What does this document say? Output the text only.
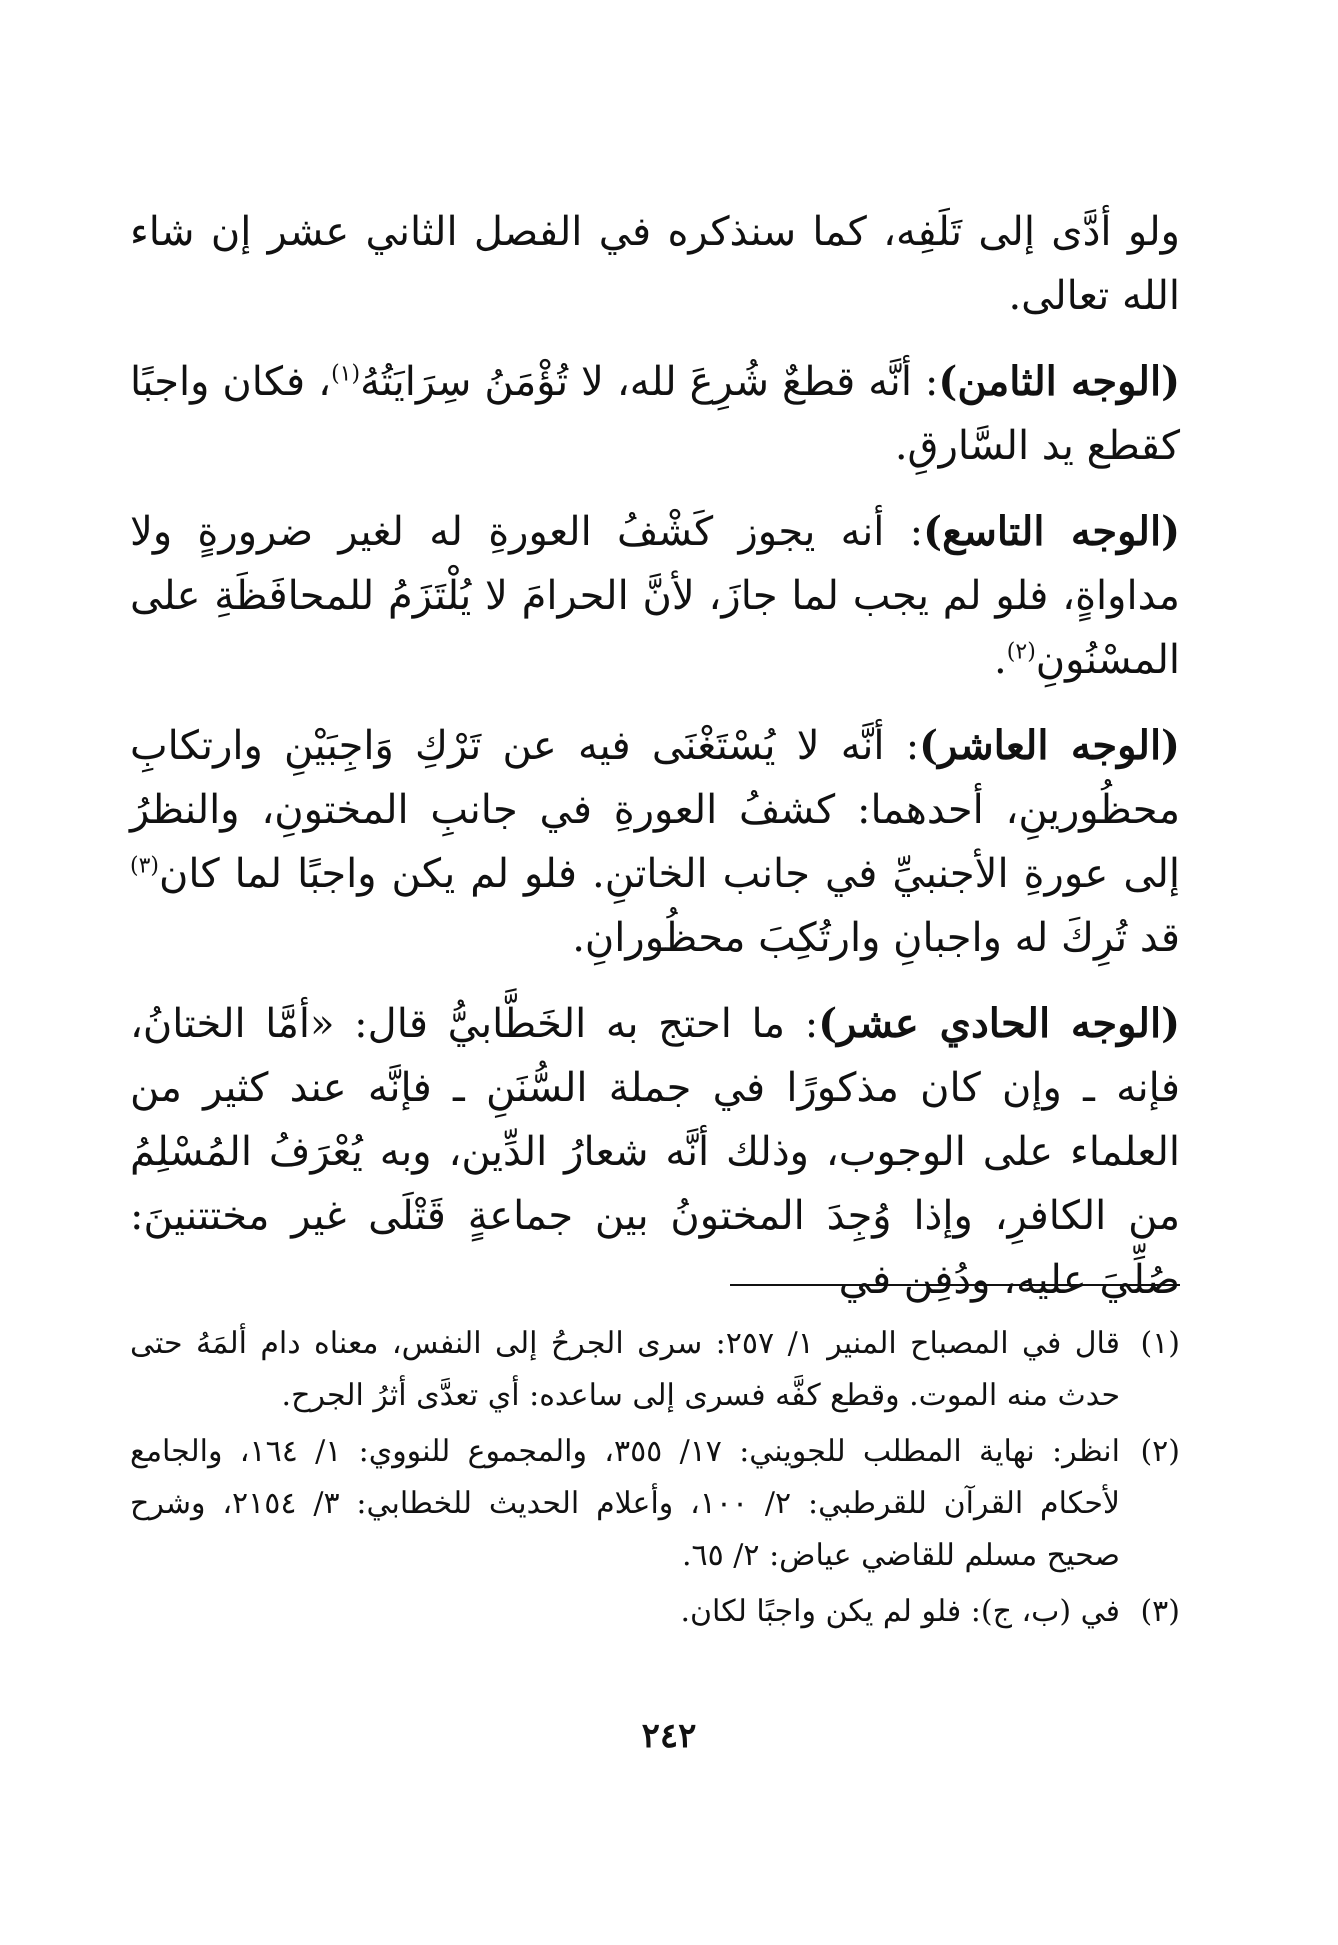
ولو أدَّى إلى تَلَفِه، كما سنذكره في الفصل الثاني عشر إن شاء الله تعالى.

(الوجه الثامن): أنَّه قطعٌ شُرِعَ لله، لا تُؤْمَنُ سِرَايَتُهُ$^{(١)}$، فكان واجبًا كقطع يد السَّارقِ.

(الوجه التاسع): أنه يجوز كَشْفُ العورةِ له لغير ضرورةٍ ولا مداواةٍ، فلو لم يجب لما جازَ، لأنَّ الحرامَ لا يُلْتَزَمُ للمحافَظَةِ على المسْنُونِ$^{(٢)}$.

(الوجه العاشر): أنَّه لا يُسْتَغْنَى فيه عن تَرْكِ وَاجِبَيْنِ وارتكابِ محظُورينِ، أحدهما: كشفُ العورةِ في جانبِ المختونِ، والنظرُ إلى عورةِ الأجنبيِّ في جانب الخاتنِ. فلو لم يكن واجبًا لما كان$^{(٣)}$ قد تُرِكَ له واجبانِ وارتُكِبَ محظُورانِ.

(الوجه الحادي عشر): ما احتج به الخَطَّابيُّ قال: «أمَّا الختانُ، فإنه ـ وإن كان مذكورًا في جملة السُّنَنِ ـ فإنَّه عند كثير من العلماء على الوجوب، وذلك أنَّه شعارُ الدِّين، وبه يُعْرَفُ المُسْلِمُ من الكافرِ، وإذا وُجِدَ المختونُ بين جماعةٍ قَتْلَى غير مختتنينَ: صُلِّيَ عليه، ودُفِن في

(١)
قال في المصباح المنير ١/ ٢٥٧: سرى الجرحُ إلى النفس، معناه دام ألمَهُ حتى حدث منه الموت. وقطع كفَّه فسرى إلى ساعده: أي تعدَّى أثرُ الجرح.
(٢)
انظر: نهاية المطلب للجويني: ١٧/ ٣٥٥، والمجموع للنووي: ١/ ١٦٤، والجامع لأحكام القرآن للقرطبي: ٢/ ١٠٠، وأعلام الحديث للخطابي: ٣/ ٢١٥٤، وشرح صحيح مسلم للقاضي عياض: ٢/ ٦٥.
(٣)
في (ب، ج): فلو لم يكن واجبًا لكان.
٢٤٢
